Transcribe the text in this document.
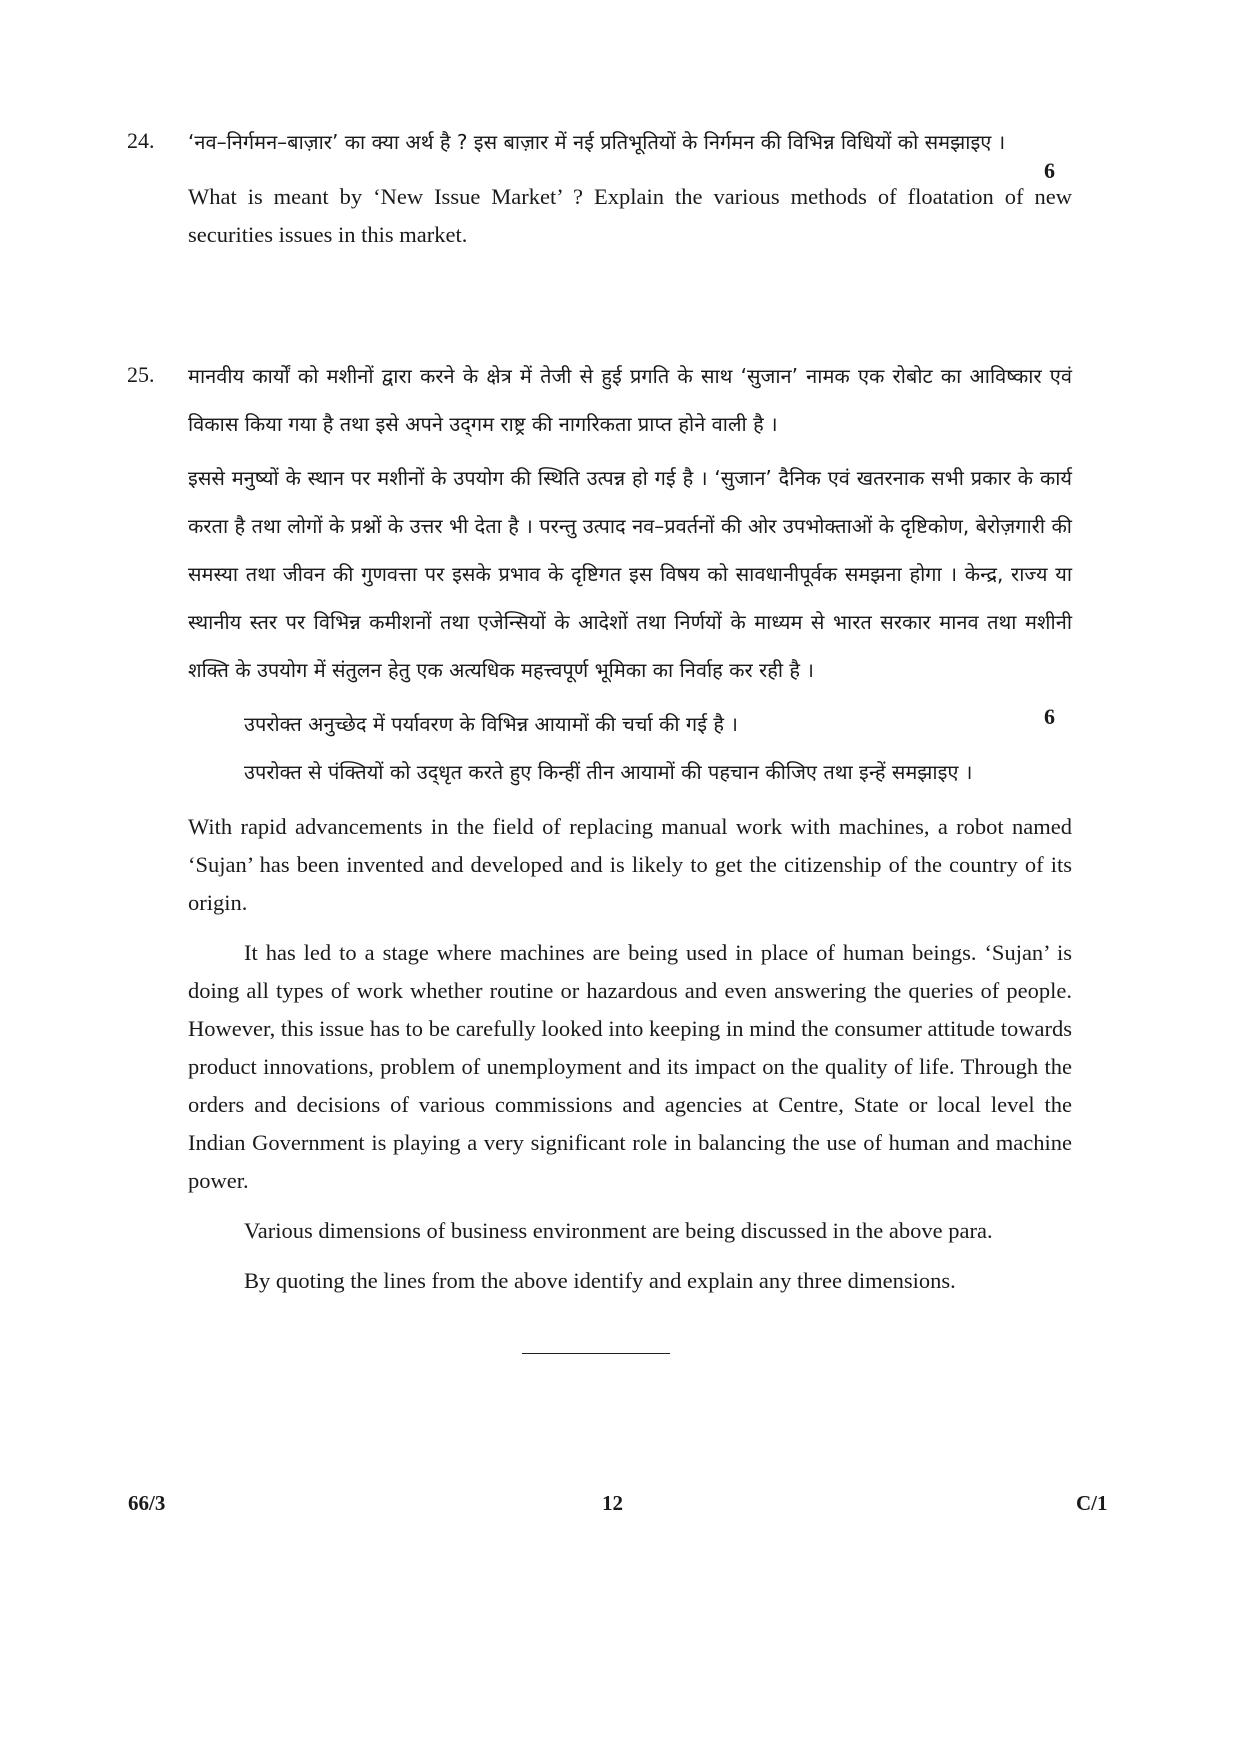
24. ‘नव–निर्गमन–बाज़ार’ का क्या अर्थ है ? इस बाज़ार में नई प्रतिभूतियों के निर्गमन की विभिन्न विधियों को समझाइए ।

What is meant by ‘New Issue Market’ ? Explain the various methods of floatation of new securities issues in this market.

6
25. मानवीय कार्यों को मशीनों द्वारा करने के क्षेत्र में तेजी से हुई प्रगति के साथ ‘सुजान’ नामक एक रोबोट का आविष्कार एवं विकास किया गया है तथा इसे अपने उद्‌गम राष्ट्र की नागरिकता प्राप्त होने वाली है ।

इससे मनुष्यों के स्थान पर मशीनों के उपयोग की स्थिति उत्पन्न हो गई है । ‘सुजान’ दैनिक एवं खतरनाक सभी प्रकार के कार्य करता है तथा लोगों के प्रश्नों के उत्तर भी देता है । परन्तु उत्पाद नव–प्रवर्तनों की ओर उपभोक्ताओं के दृष्टिकोण, बेरोज़गारी की समस्या तथा जीवन की गुणवत्ता पर इसके प्रभाव के दृष्टिगत इस विषय को सावधानीपूर्वक समझना होगा । केन्द्र, राज्य या स्थानीय स्तर पर विभिन्न कमीशनों तथा एजेन्सियों के आदेशों तथा निर्णयों के माध्यम से भारत सरकार मानव तथा मशीनी शक्ति के उपयोग में संतुलन हेतु एक अत्यधिक महत्त्वपूर्ण भूमिका का निर्वाह कर रही है ।

उपरोक्त अनुच्छेद में पर्यावरण के विभिन्न आयामों की चर्चा की गई है ।

उपरोक्त से पंक्तियों को उद्‌धृत करते हुए किन्हीं तीन आयामों की पहचान कीजिए तथा इन्हें समझाइए ।

With rapid advancements in the field of replacing manual work with machines, a robot named ‘Sujan’ has been invented and developed and is likely to get the citizenship of the country of its origin.

It has led to a stage where machines are being used in place of human beings. ‘Sujan’ is doing all types of work whether routine or hazardous and even answering the queries of people. However, this issue has to be carefully looked into keeping in mind the consumer attitude towards product innovations, problem of unemployment and its impact on the quality of life. Through the orders and decisions of various commissions and agencies at Centre, State or local level the Indian Government is playing a very significant role in balancing the use of human and machine power.

Various dimensions of business environment are being discussed in the above para.

By quoting the lines from the above identify and explain any three dimensions.

6
66/3	12	C/1
